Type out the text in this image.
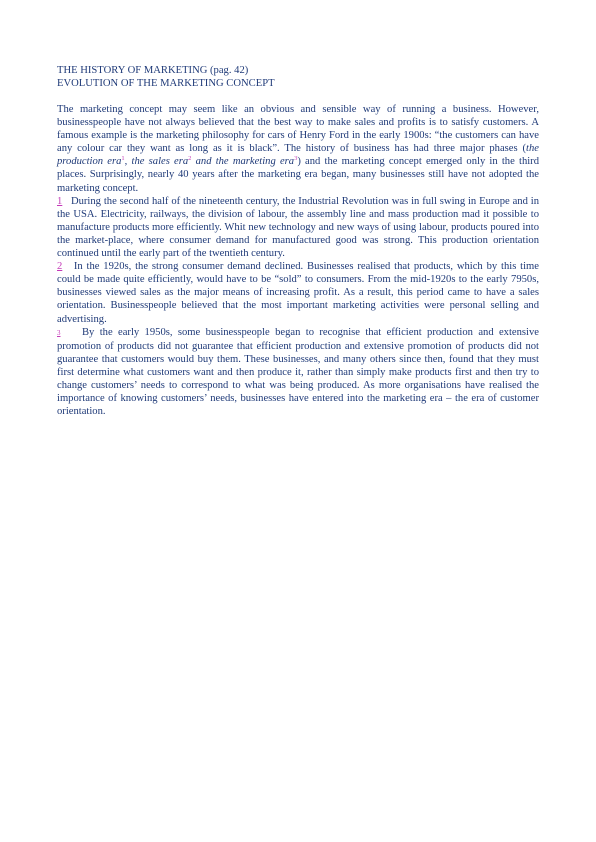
THE HISTORY OF MARKETING (pag. 42)

EVOLUTION OF THE MARKETING CONCEPT

The marketing concept may seem like an obvious and sensible way of running a business. However, businesspeople have not always believed that the best way to make sales and profits is to satisfy customers. A famous example is the marketing philosophy for cars of Henry Ford in the early 1900s: “the customers can have any colour car they want as long as it is black”. The history of business has had three major phases (the production era$^1$, the sales era$^2$ and the marketing era$^3$) and the marketing concept emerged only in the third places. Surprisingly, nearly 40 years after the marketing era began, many businesses still have not adopted the marketing concept.

1 During the second half of the nineteenth century, the Industrial Revolution was in full swing in Europe and in the USA. Electricity, railways, the division of labour, the assembly line and mass production mad it possible to manufacture products more efficiently. Whit new technology and new ways of using labour, products poured into the market-place, where consumer demand for manufactured good was strong. This production orientation continued until the early part of the twentieth century.

2 In the 1920s, the strong consumer demand declined. Businesses realised that products, which by this time could be made quite efficiently, would have to be “sold” to consumers. From the mid-1920s to the early 7950s, businesses viewed sales as the major means of increasing profit. As a result, this period came to have a sales orientation. Businesspeople believed that the most important marketing activities were personal selling and advertising.

3 By the early 1950s, some businesspeople began to recognise that efficient production and extensive promotion of products did not guarantee that efficient production and extensive promotion of products did not guarantee that customers would buy them. These businesses, and many others since then, found that they must first determine what customers want and then produce it, rather than simply make products first and then try to change customers’ needs to correspond to what was being produced. As more organisations have realised the importance of knowing customers’ needs, businesses have entered into the marketing era – the era of customer orientation.
